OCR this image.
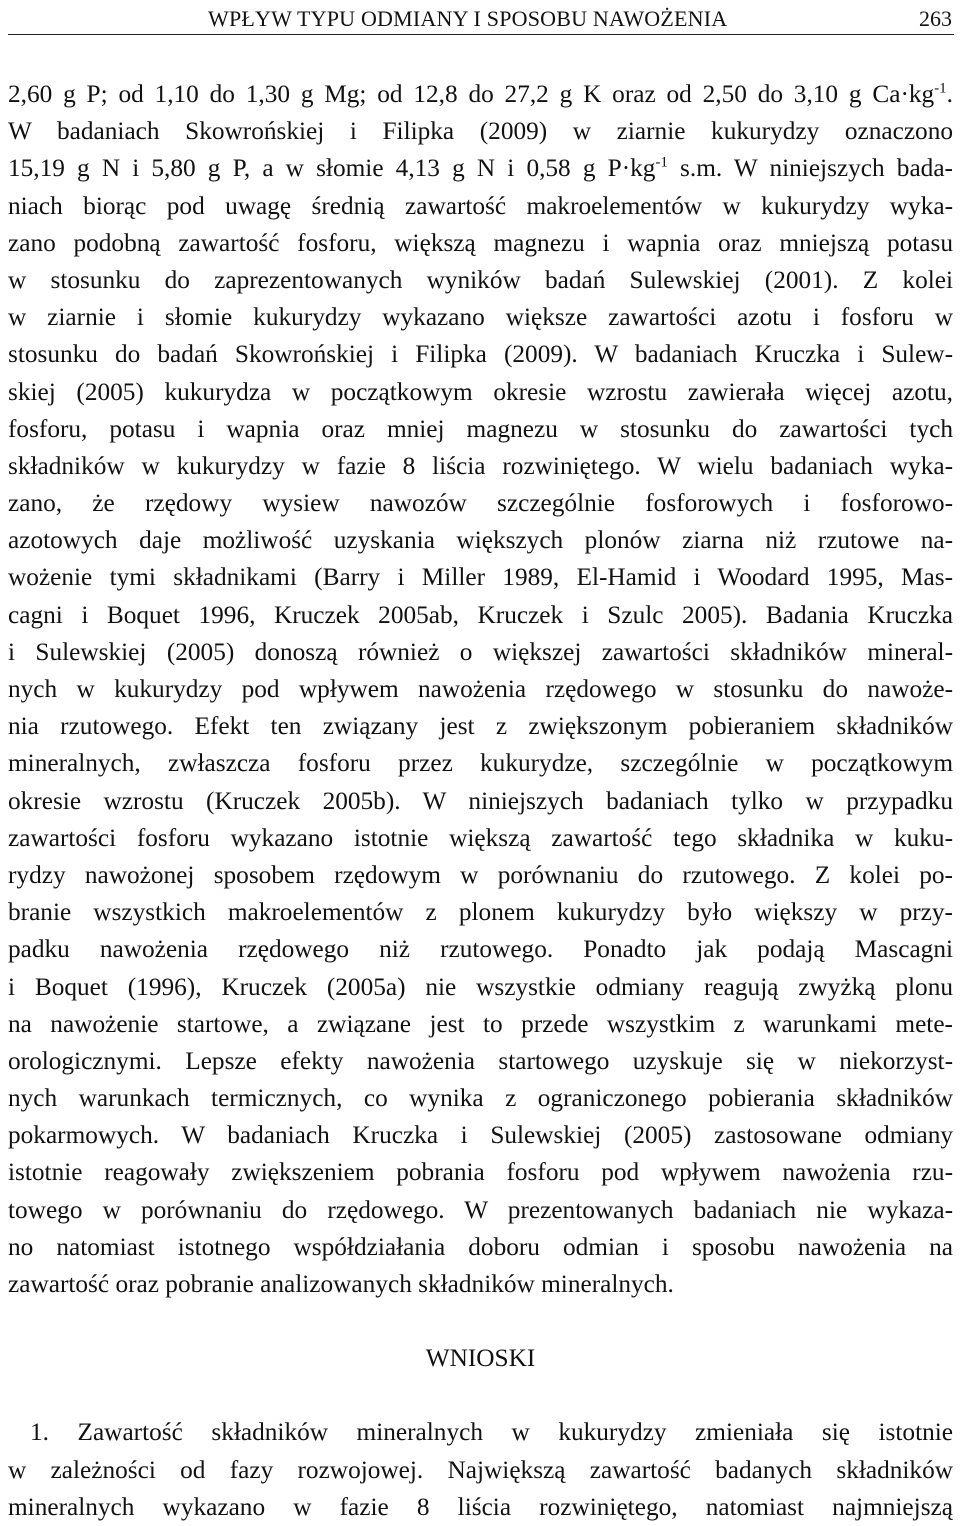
WPŁYW TYPU ODMIANY I SPOSOBU NAWOŻENIA	263
2,60 g P; od 1,10 do 1,30 g Mg; od 12,8 do 27,2 g K oraz od 2,50 do 3,10 g $Ca\cdot kg^{-1}$.
W badaniach Skowrońskiej i Filipka (2009) w ziarnie kukurydzy oznaczono
15,19 g N i 5,80 g P, a w słomie 4,13 g N i 0,58 g $P\cdot kg^{-1}$ s.m. W niniejszych bada-
niach biorąc pod uwagę średnią zawartość makroelementów w kukurydzy wyka-
zano podobną zawartość fosforu, większą magnezu i wapnia oraz mniejszą potasu
w stosunku do zaprezentowanych wyników badań Sulewskiej (2001). Z kolei
w ziarnie i słomie kukurydzy wykazano większe zawartości azotu i fosforu w
stosunku do badań Skowrońskiej i Filipka (2009). W badaniach Kruczka i Sulew-
skiej (2005) kukurydza w początkowym okresie wzrostu zawierała więcej azotu,
fosforu, potasu i wapnia oraz mniej magnezu w stosunku do zawartości tych
składników w kukurydzy w fazie 8 liścia rozwiniętego. W wielu badaniach wyka-
zano, że rzędowy wysiew nawozów szczególnie fosforowych i fosforowo-
azotowych daje możliwość uzyskania większych plonów ziarna niż rzutowe na-
wożenie tymi składnikami (Barry i Miller 1989, El-Hamid i Woodard 1995, Mas-
cagni i Boquet 1996, Kruczek 2005ab, Kruczek i Szulc 2005). Badania Kruczka
i Sulewskiej (2005) donoszą również o większej zawartości składników mineral-
nych w kukurydzy pod wpływem nawożenia rzędowego w stosunku do nawoże-
nia rzutowego. Efekt ten związany jest z zwiększonym pobieraniem składników
mineralnych, zwłaszcza fosforu przez kukurydze, szczególnie w początkowym
okresie wzrostu (Kruczek 2005b). W niniejszych badaniach tylko w przypadku
zawartości fosforu wykazano istotnie większą zawartość tego składnika w kuku-
rydzy nawożonej sposobem rzędowym w porównaniu do rzutowego. Z kolei po-
branie wszystkich makroelementów z plonem kukurydzy było większy w przy-
padku nawożenia rzędowego niż rzutowego. Ponadto jak podają Mascagni
i Boquet (1996), Kruczek (2005a) nie wszystkie odmiany reagują zwyżką plonu
na nawożenie startowe, a związane jest to przede wszystkim z warunkami mete-
orologicznymi. Lepsze efekty nawożenia startowego uzyskuje się w niekorzyst-
nych warunkach termicznych, co wynika z ograniczonego pobierania składników
pokarmowych. W badaniach Kruczka i Sulewskiej (2005) zastosowane odmiany
istotnie reagowały zwiększeniem pobrania fosforu pod wpływem nawożenia rzu-
towego w porównaniu do rzędowego. W prezentowanych badaniach nie wykaza-
no natomiast istotnego współdziałania doboru odmian i sposobu nawożenia na
zawartość oraz pobranie analizowanych składników mineralnych.
WNIOSKI
1. Zawartość składników mineralnych w kukurydzy zmieniała się istotnie
w zależności od fazy rozwojowej. Największą zawartość badanych składników
mineralnych wykazano w fazie 8 liścia rozwiniętego, natomiast najmniejszą
